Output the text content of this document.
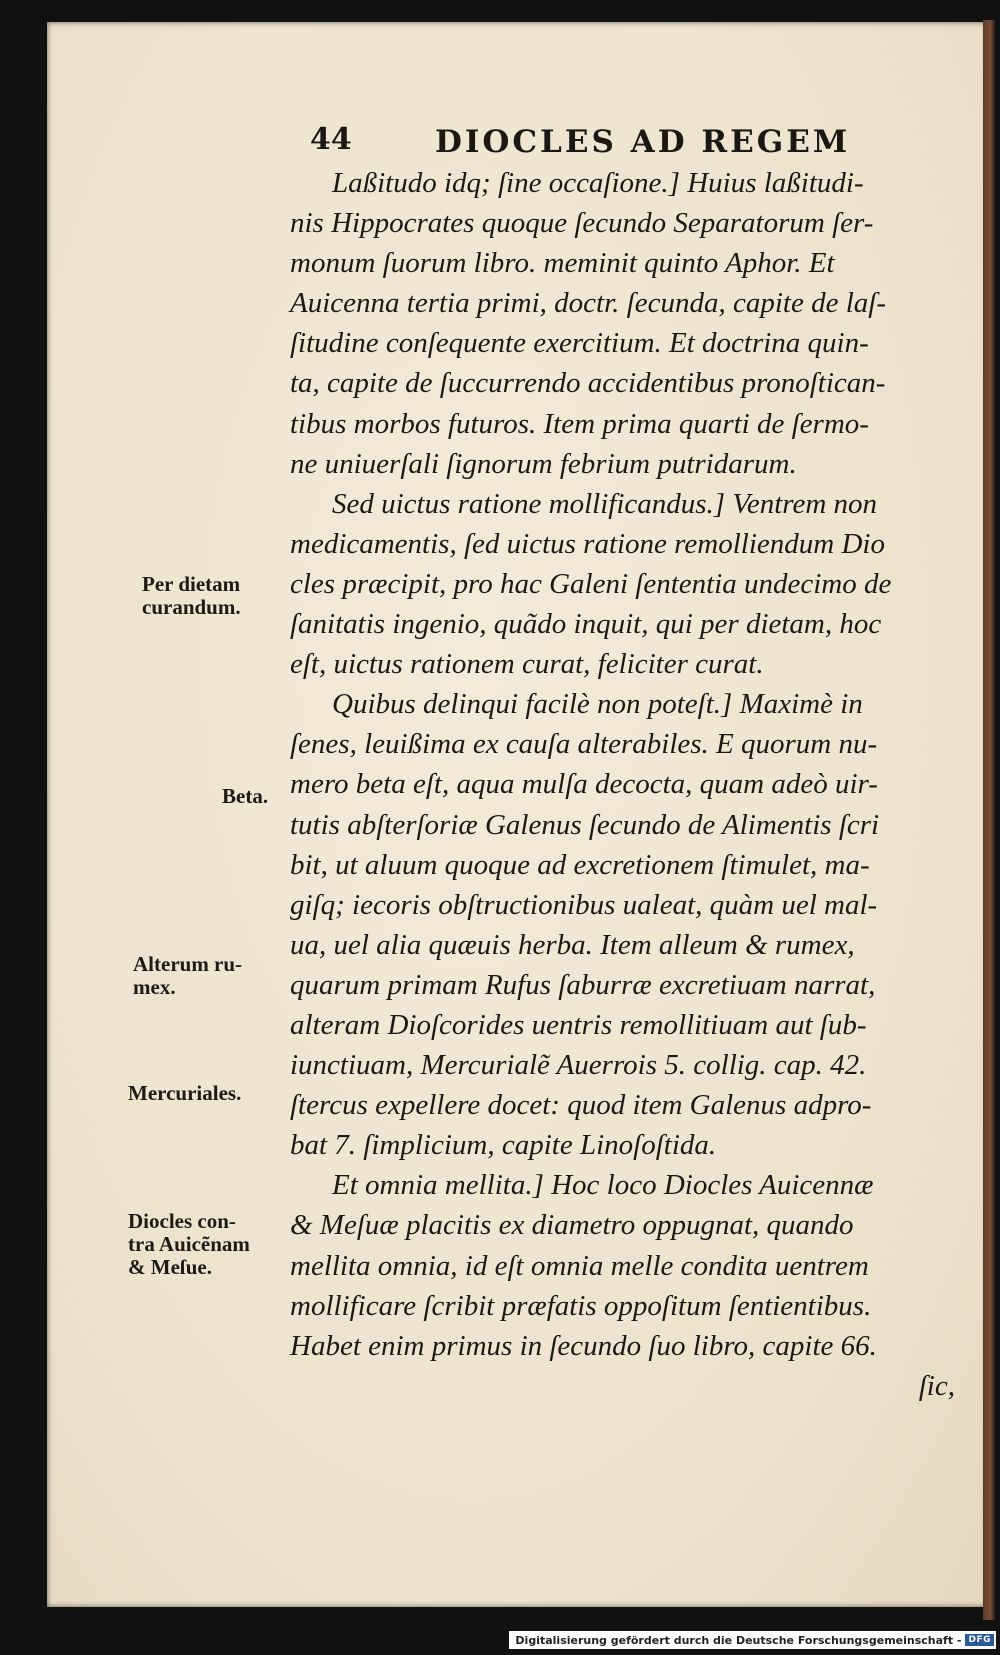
44	DIOCLES AD REGEM
Laßitudo idq; ſine occaſione.] Huius laßitudi-
nis Hippocrates quoque ſecundo Separatorum ſer-
monum ſuorum libro. meminit quinto Aphor. Et
Auicenna tertia primi, doctr. ſecunda, capite de laſ-
ſitudine conſequente exercitium. Et doctrina quin-
ta, capite de ſuccurrendo accidentibus pronoſtican-
tibus morbos futuros. Item prima quarti de ſermo-
ne uniuerſali ſignorum febrium putridarum.
Sed uictus ratione mollificandus.] Ventrem non
medicamentis, ſed uictus ratione remolliendum Dio
cles præcipit, pro hac Galeni ſententia undecimo de
ſanitatis ingenio, quãdo inquit, qui per dietam, hoc
eſt, uictus rationem curat, feliciter curat.
Quibus delinqui facilè non poteſt.] Maximè in
ſenes, leuißima ex cauſa alterabiles. E quorum nu-
mero beta eſt, aqua mulſa decocta, quam adeò uir-
tutis abſterſoriæ Galenus ſecundo de Alimentis ſcri
bit, ut aluum quoque ad excretionem ſtimulet, ma-
giſq; iecoris obſtructionibus ualeat, quàm uel mal-
ua, uel alia quæuis herba. Item alleum & rumex,
quarum primam Rufus ſaburræ excretiuam narrat,
alteram Dioſcorides uentris remollitiuam aut ſub-
iunctiuam, Mercurialẽ Auerrois 5. collig. cap. 42.
ſtercus expellere docet: quod item Galenus adpro-
bat 7. ſimplicium, capite Linoſoſtida.
Et omnia mellita.] Hoc loco Diocles Auicennæ
& Meſuæ placitis ex diametro oppugnat, quando
mellita omnia, id eſt omnia melle condita uentrem
mollificare ſcribit præfatis oppoſitum ſentientibus.
Habet enim primus in ſecundo ſuo libro, capite 66.
ſic,
Per dietam
curandum.
Beta.
Alterum ru-
mex.
Mercuriales.
Diocles con-
tra Auicẽnam
& Meſue.
Digitalisierung gefördert durch die Deutsche Forschungsgemeinschaft - DFG
